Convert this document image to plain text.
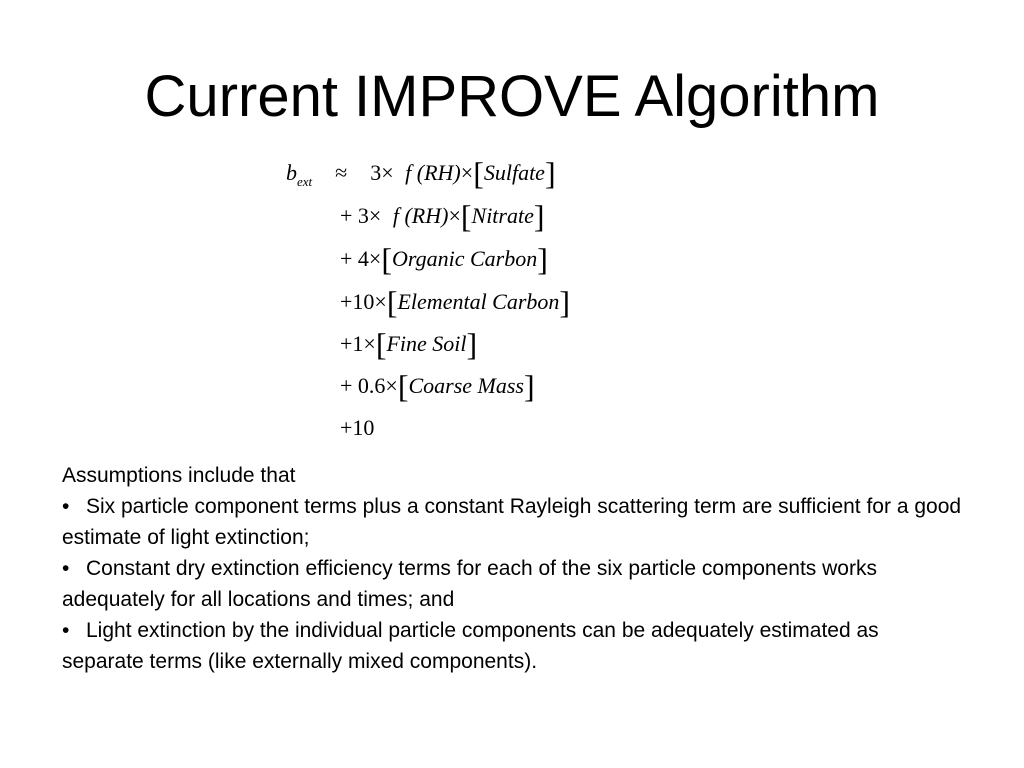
Current IMPROVE Algorithm
$b_{ext} \approx 3\times f$ (RH)×[Sulfate]
+ 3× f (RH)×[Nitrate]
+ 4×[Organic Carbon]
+10×[Elemental Carbon]
+1×[Fine Soil]
+ 0.6×[Coarse Mass]
+10

Assumptions include that

• Six particle component terms plus a constant Rayleigh scattering term are sufficient for a good estimate of light extinction;

• Constant dry extinction efficiency terms for each of the six particle components works adequately for all locations and times; and

• Light extinction by the individual particle components can be adequately estimated as separate terms (like externally mixed components).
